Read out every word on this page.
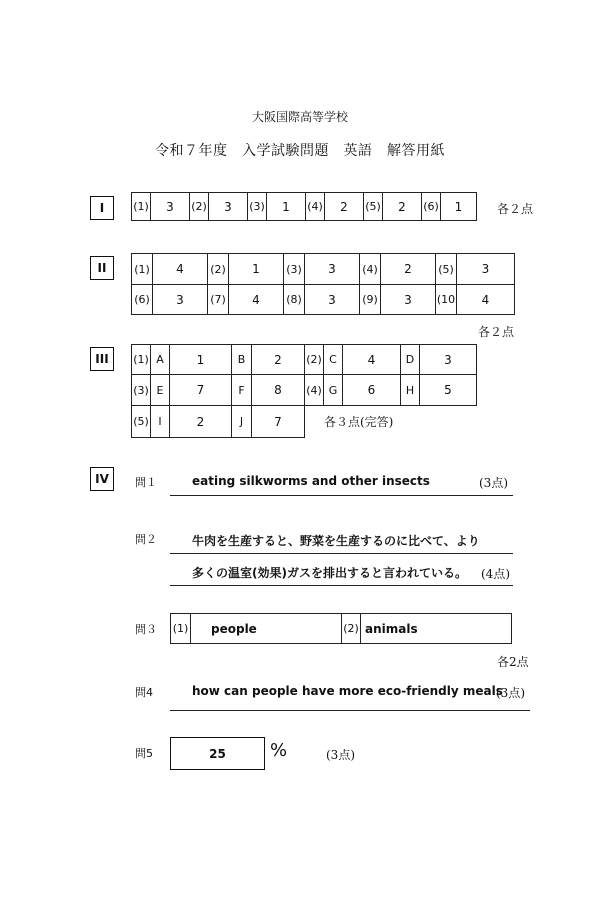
大阪国際高等学校
令和７年度　入学試験問題　英語　解答用紙
I	(1)	3	(2)	3	(3)	1	(4)	2	(5)	2	(6)	1	各２点
II	(1)	4	(2)	1	(3)	3	(4)	2	(5)	3
(6)	3	(7)	4	(8)	3	(9)	3	(10	4
各２点
III	(1) A	1	B	2	(2) C	4	D	3
(3) E	7	F	8	(4) G	6	H	5
(5) I	2	J	7	各３点(完答)
IV	問１	eating silkworms and other insects	(3点)
問２	牛肉を生産すると、野菜を生産するのに比べて、より
多くの温室(効果)ガスを排出すると言われている。 (4点)
問３ (1)	people	(2) animals
各2点
問4	how can people have more eco-friendly meals
(3点)
問5	25	%	(3点)
